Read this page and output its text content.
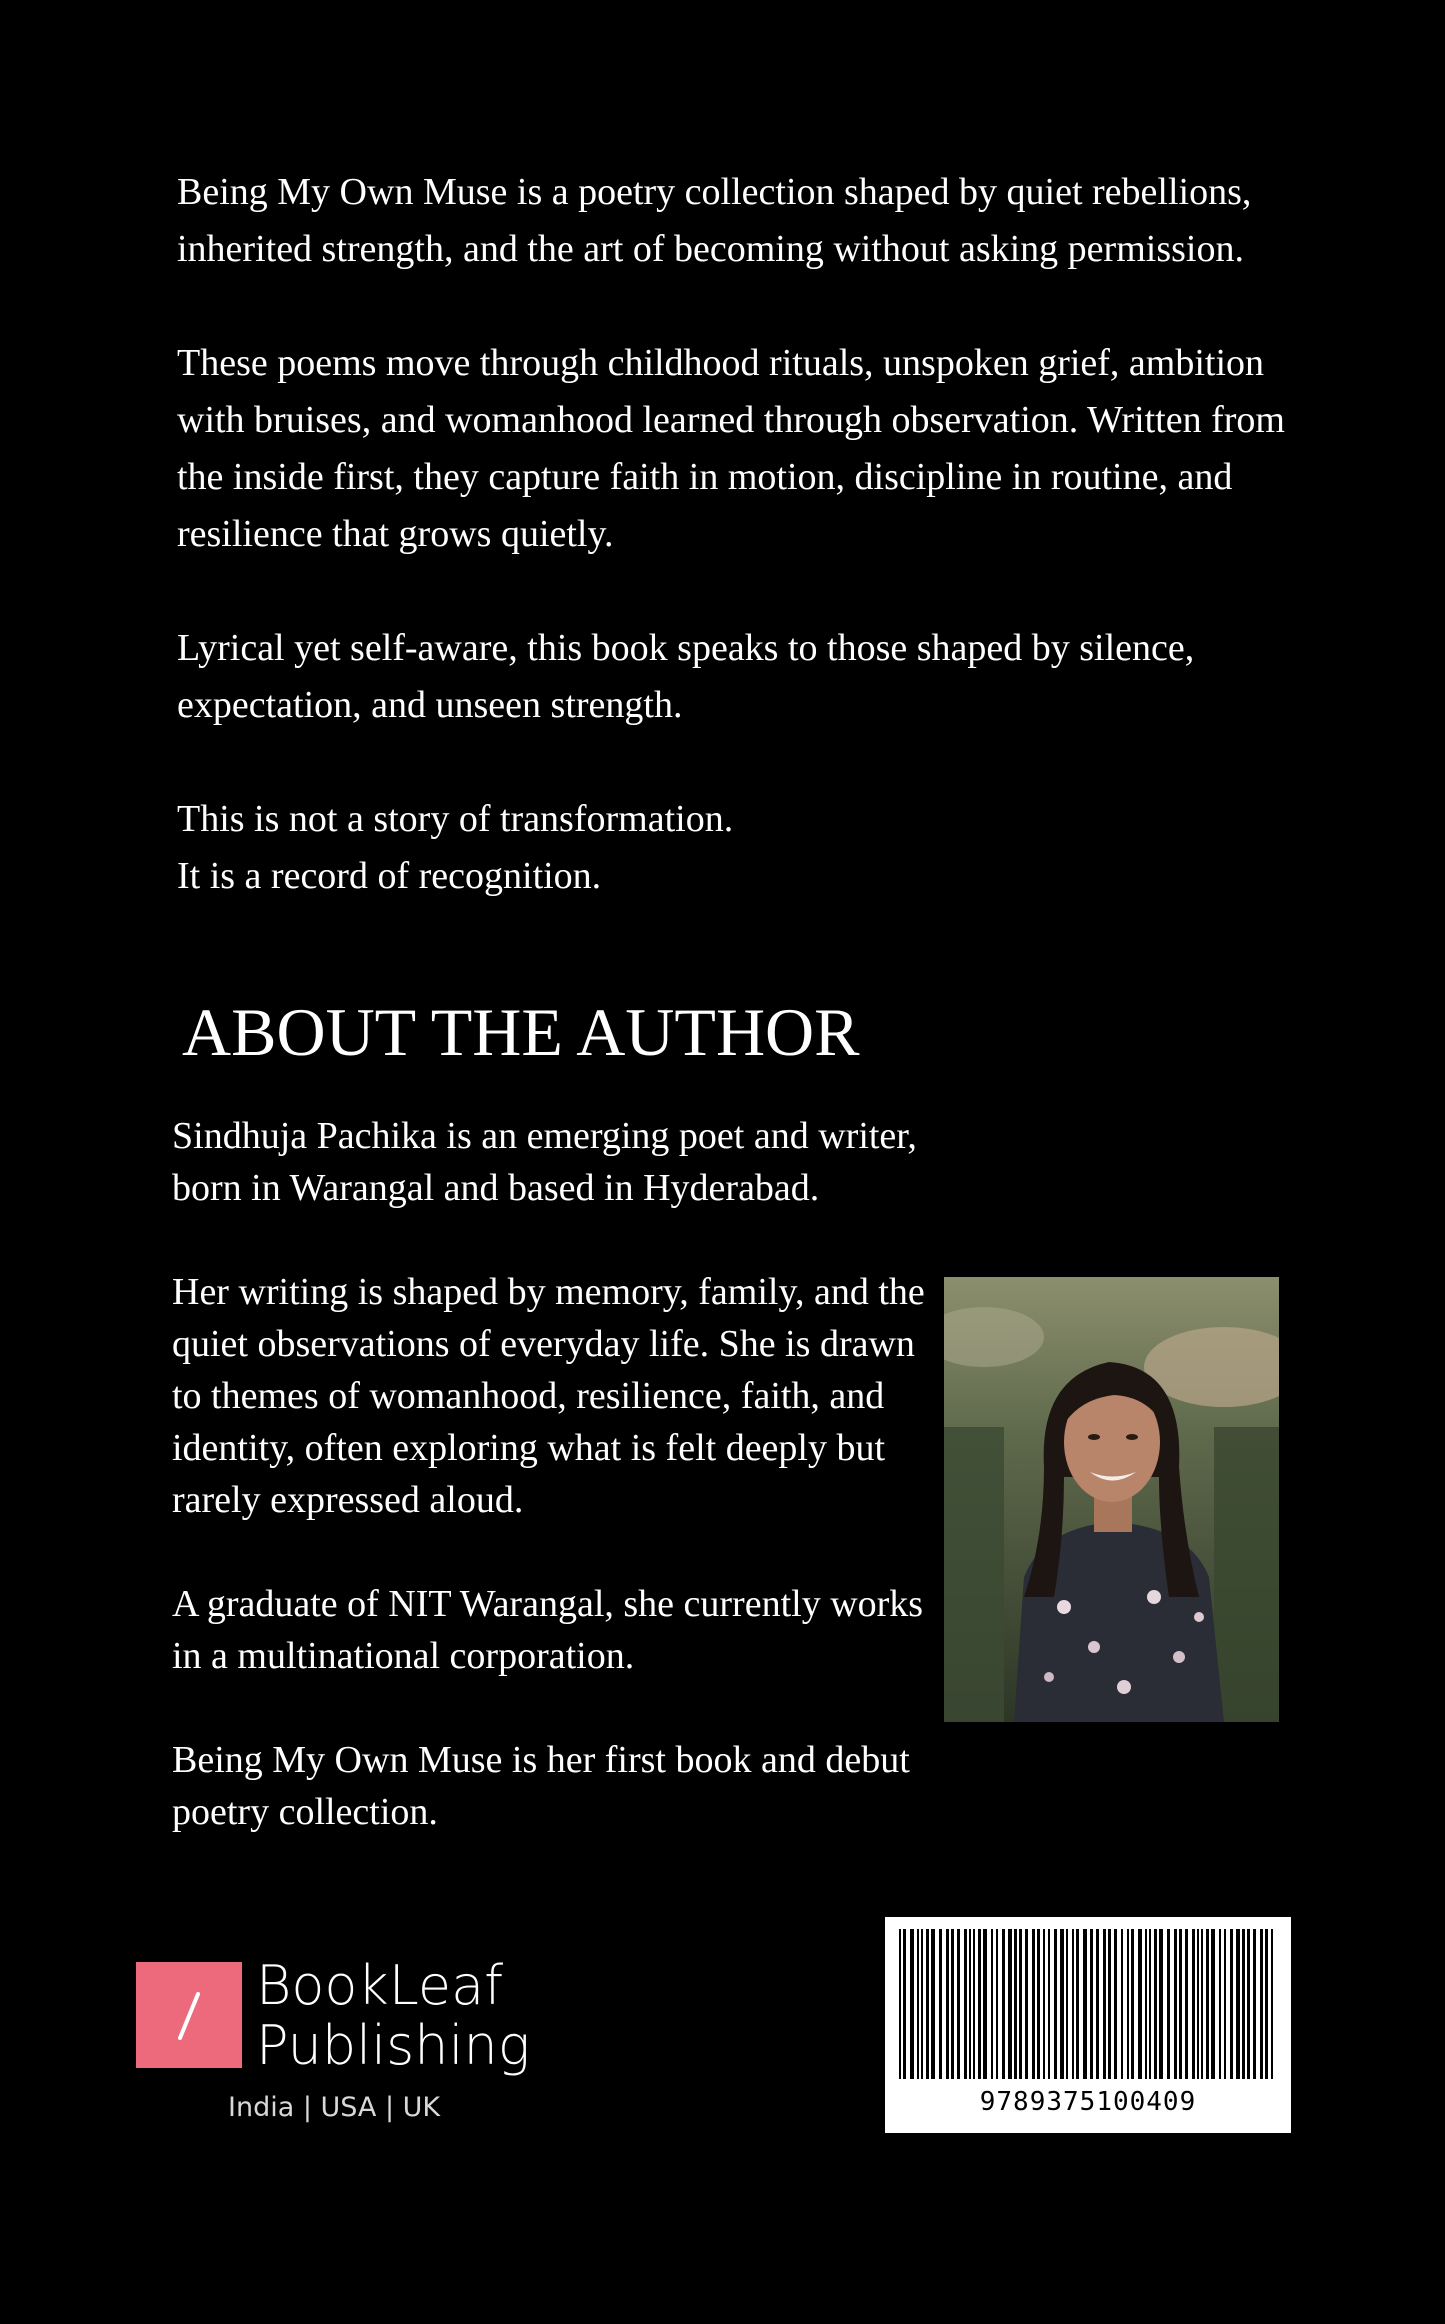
Being My Own Muse is a poetry collection shaped by quiet rebellions, inherited strength, and the art of becoming without asking permission.

These poems move through childhood rituals, unspoken grief, ambition with bruises, and womanhood learned through observation. Written from the inside first, they capture faith in motion, discipline in routine, and resilience that grows quietly.

Lyrical yet self-aware, this book speaks to those shaped by silence, expectation, and unseen strength.

This is not a story of transformation.
It is a record of recognition.

ABOUT THE AUTHOR

Sindhuja Pachika is an emerging poet and writer, born in Warangal and based in Hyderabad.

Her writing is shaped by memory, family, and the quiet observations of everyday life. She is drawn to themes of womanhood, resilience, faith, and identity, often exploring what is felt deeply but rarely expressed aloud.

A graduate of NIT Warangal, she currently works in a multinational corporation.

Being My Own Muse is her first book and debut poetry collection.

BookLeaf
Publishing
India | USA | UK	9789375100409
